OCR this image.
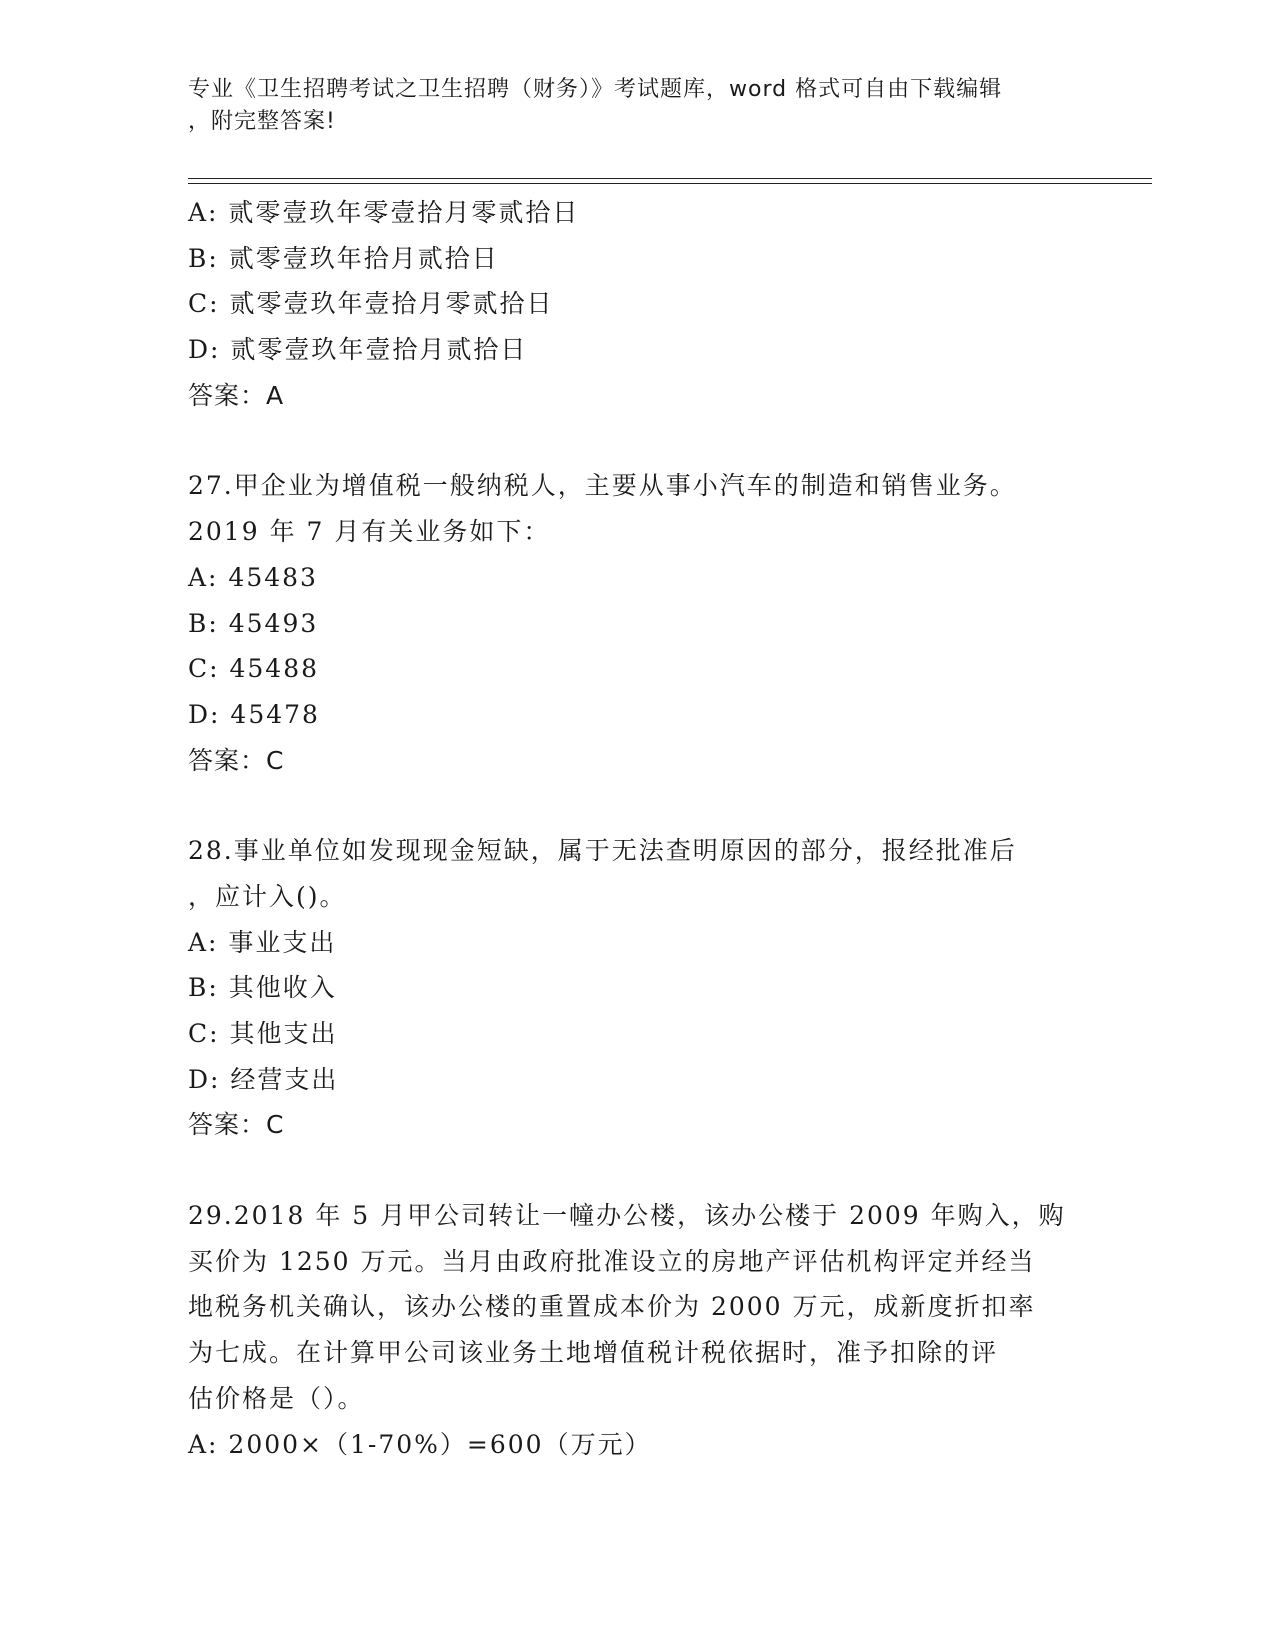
专业《卫生招聘考试之卫生招聘（财务）》考试题库，word 格式可自由下载编辑
，附完整答案!
A: 贰零壹玖年零壹拾月零贰拾日
B: 贰零壹玖年拾月贰拾日
C: 贰零壹玖年壹拾月零贰拾日
D: 贰零壹玖年壹拾月贰拾日
答案：A
27.甲企业为增值税一般纳税人，主要从事小汽车的制造和销售业务。
2019 年 7 月有关业务如下：
A: 45483
B: 45493
C: 45488
D: 45478
答案：C
28.事业单位如发现现金短缺，属于无法查明原因的部分，报经批准后
，应计入()。
A: 事业支出
B: 其他收入
C: 其他支出
D: 经营支出
答案：C
29.2018 年 5 月甲公司转让一幢办公楼，该办公楼于 2009 年购入，购
买价为 1250 万元。当月由政府批准设立的房地产评估机构评定并经当
地税务机关确认，该办公楼的重置成本价为 2000 万元，成新度折扣率
为七成。在计算甲公司该业务土地增值税计税依据时，准予扣除的评
估价格是（）。
A: 2000×（1-70%）=600（万元）
